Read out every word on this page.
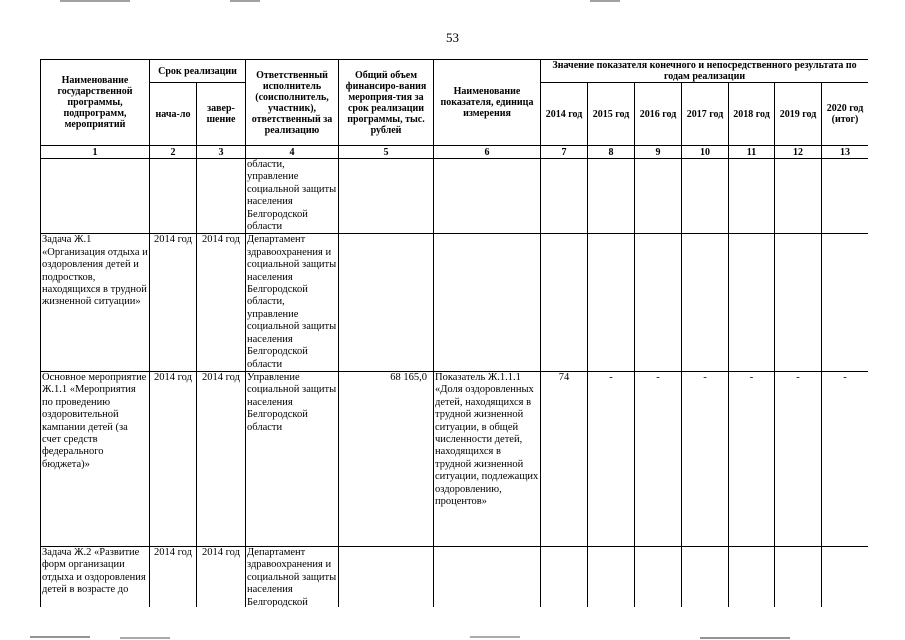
53
Наименование государственной программы, подпрограмм, мероприятий	Срок реализации		Ответственный исполнитель (соисполнитель, участник), ответственный за реализацию	Общий объем финансиро-вания мероприя-тия за срок реализации программы, тыс. рублей	Наименование показателя, единица измерения	Значение показателя конечного и непосредственного результата по годам реализации						
	нача-ло	завер-шение				2014 год	2015 год	2016 год	2017 год	2018 год	2019 год	2020 год (итог)
1	2	3	4	5	6	7	8	9	10	11	12	13
			области, управление социальной защиты населения Белгородской области									
Задача Ж.1 «Организация отдыха и оздоровления детей и подростков, находящихся в трудной жизненной ситуации»	2014 год	2014 год	Департамент здравоохранения и социальной защиты населения Белгородской области, управление социальной защиты населения Белгородской области									
Основное мероприятие Ж.1.1 «Мероприятия по проведению оздоровительной кампании детей (за счет средств федерального бюджета)»	2014 год	2014 год	Управление социальной защиты населения Белгородской области	68 165,0	Показатель Ж.1.1.1 «Доля оздоровленных детей, находящихся в трудной жизненной ситуации, в общей численности детей, находящихся в трудной жизненной ситуации, подлежащих оздоровлению, процентов»	74	-	-	-	-	-	-
Задача Ж.2 «Развитие форм организации отдыха и оздоровления детей в возрасте до	2014 год	2014 год	Департамент здравоохранения и социальной защиты населения Белгородской									
